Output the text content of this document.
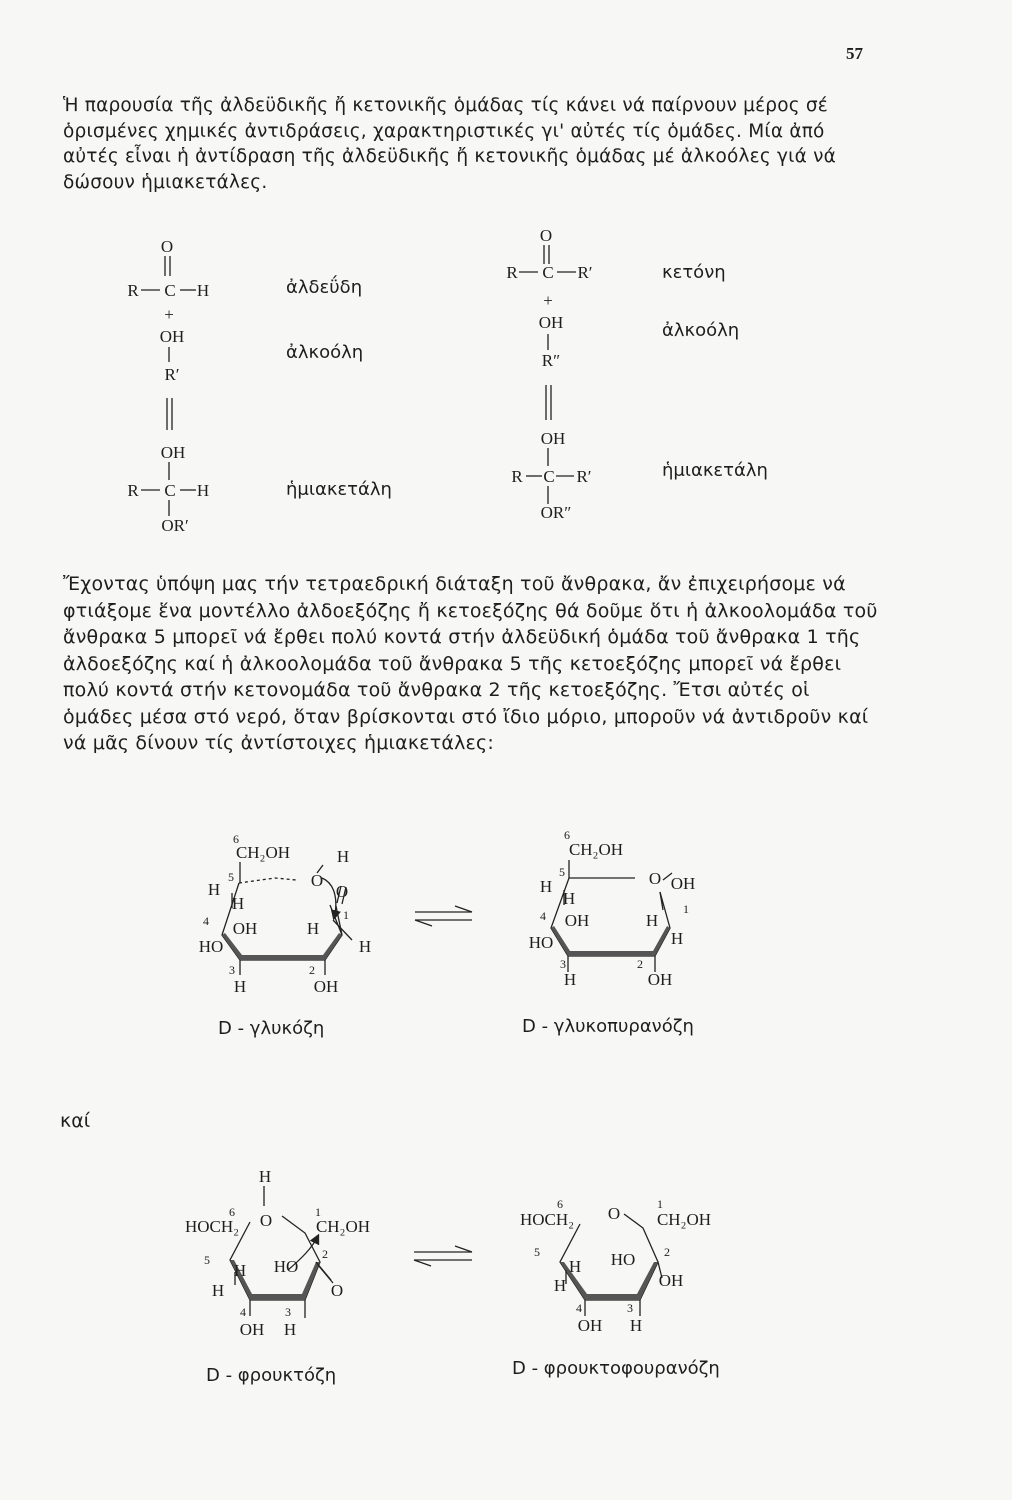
57
Ἡ παρουσία τῆς ἀλδεϋδικῆς ἤ κετονικῆς ὁμάδας τίς κάνει νά παίρνουν μέρος σέ ὁρισμένες χημικές ἀντιδράσεις, χαρακτηριστικές γι' αὐτές τίς ὁμάδες. Μία ἀπό αὐτές εἶναι ἡ ἀντίδραση τῆς ἀλδεϋδικῆς ἤ κετονικῆς ὁμάδας μέ ἀλκοόλες γιά νά δώσουν ἡμιακετάλες.
ἀλδεΰδη
ἀλκοόλη
ἡμιακετάλη
κετόνη
ἀλκοόλη
ἡμιακετάλη
Ἔχοντας ὑπόψη μας τήν τετραεδρική διάταξη τοῦ ἄνθρακα, ἄν ἐπιχειρήσομε νά φτιάξομε ἕνα μοντέλλο ἀλδοεξόζης ἤ κετοεξόζης θά δοῦμε ὅτι ἡ ἀλκοολομάδα τοῦ ἄνθρακα 5 μπορεῖ νά ἔρθει πολύ κοντά στήν ἀλδεϋδική ὁμάδα τοῦ ἄνθρακα 1 τῆς ἀλδοεξόζης καί ἡ ἀλκοολομάδα τοῦ ἄνθρακα 5 τῆς κετοεξόζης μπορεῖ νά ἔρθει πολύ κοντά στήν κετονομάδα τοῦ ἄνθρακα 2 τῆς κετοεξόζης. Ἔτσι αὐτές οἱ ὁμάδες μέσα στό νερό, ὅταν βρίσκονται στό ἴδιο μόριο, μποροῦν νά ἀντιδροῦν καί νά μᾶς δίνουν τίς ἀντίστοιχες ἡμιακετάλες:
D - γλυκόζη	D - γλυκοπυρανόζη
καί
D - φρουκτόζη	D - φρουκτοφουρανόζη
O
R C H
+
OH
R′
OH
R C H
OR′
O
R C R′
+
OH
R″
OH
R C R′
OR″
6
CH₂OH	H
O
O
5
H
H
1
4 OH	H
H
HO
3	2
H	OH
6
CH₂OH
O OH
5
H
H
1
4 OH	H
H
HO
3	2
H	OH
H
6
HOCH₂ O	1
CH₂OH
2
5
H HO
H	O
4	3
OH H
6
HOCH₂ O	1
CH₂OH
2
5
H HO
H	OH
4	3
OH H
